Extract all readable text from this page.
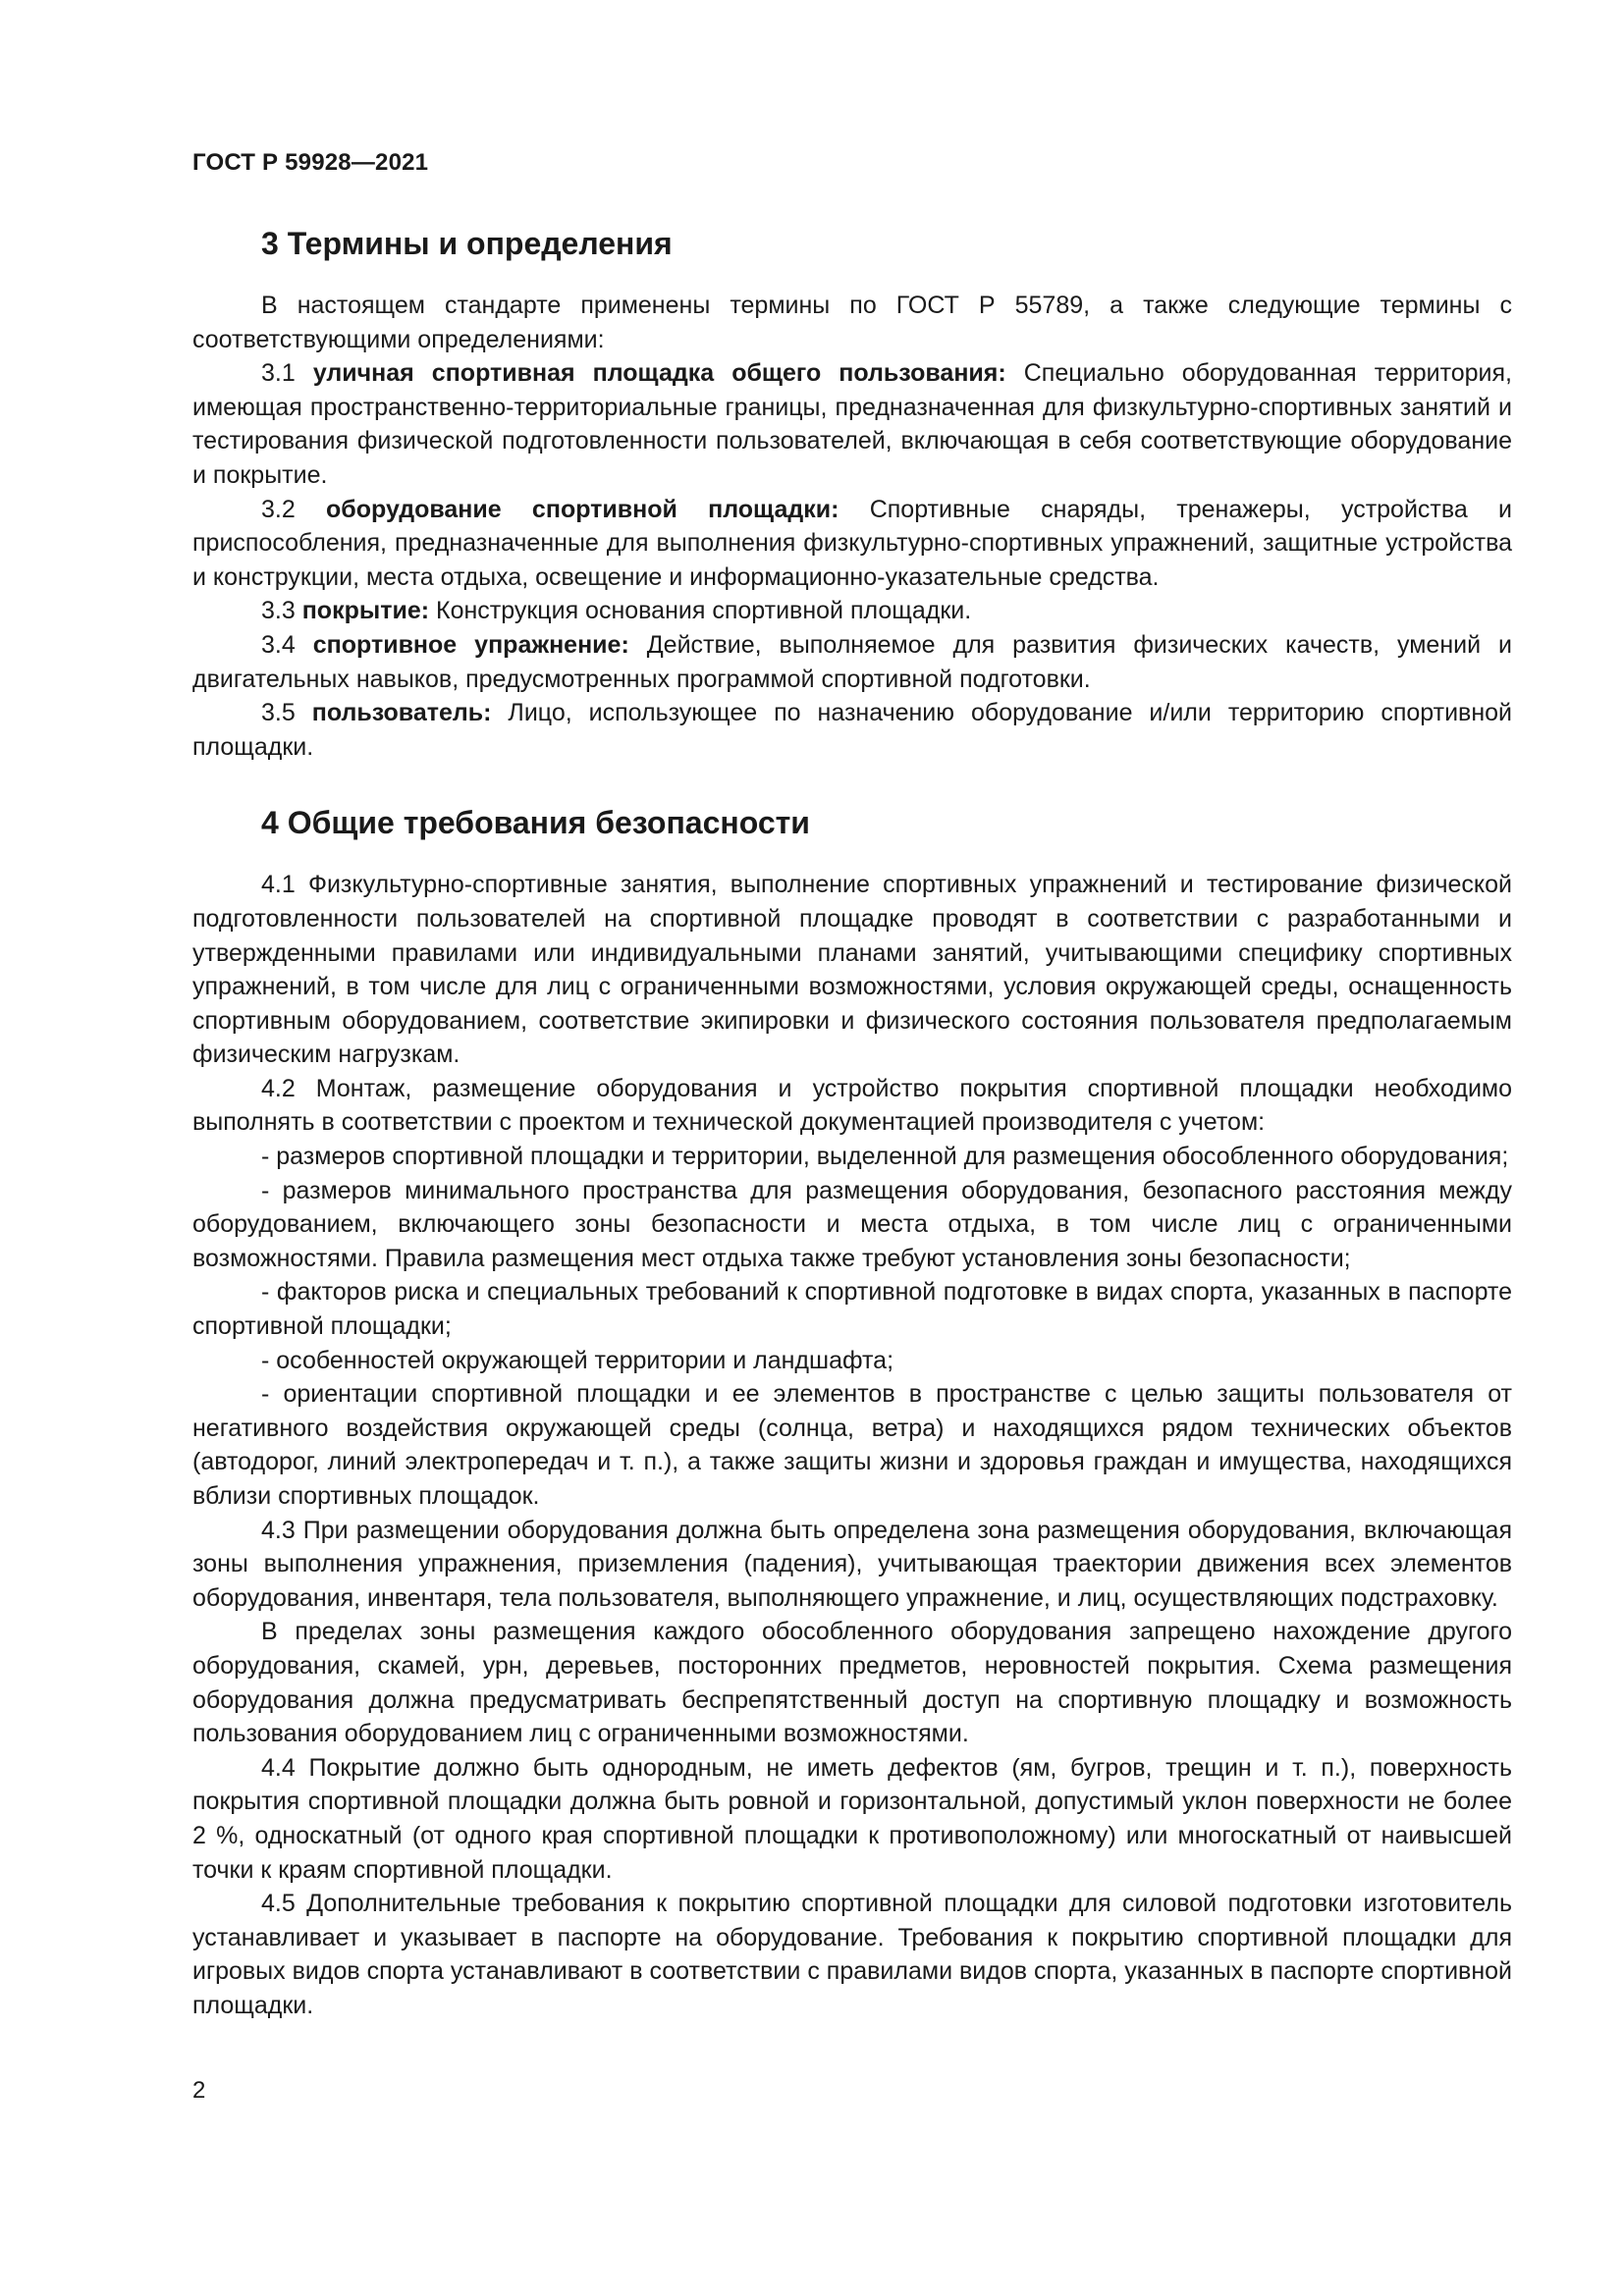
ГОСТ Р 59928—2021
3 Термины и определения

В настоящем стандарте применены термины по ГОСТ Р 55789, а также следующие термины с соответствующими определениями:

3.1 уличная спортивная площадка общего пользования: Специально оборудованная территория, имеющая пространственно-территориальные границы, предназначенная для физкультурно-спортивных занятий и тестирования физической подготовленности пользователей, включающая в себя соответствующие оборудование и покрытие.

3.2 оборудование спортивной площадки: Спортивные снаряды, тренажеры, устройства и приспособления, предназначенные для выполнения физкультурно-спортивных упражнений, защитные устройства и конструкции, места отдыха, освещение и информационно-указательные средства.

3.3 покрытие: Конструкция основания спортивной площадки.

3.4 спортивное упражнение: Действие, выполняемое для развития физических качеств, умений и двигательных навыков, предусмотренных программой спортивной подготовки.

3.5 пользователь: Лицо, использующее по назначению оборудование и/или территорию спортивной площадки.

4 Общие требования безопасности

4.1 Физкультурно-спортивные занятия, выполнение спортивных упражнений и тестирование физической подготовленности пользователей на спортивной площадке проводят в соответствии с разработанными и утвержденными правилами или индивидуальными планами занятий, учитывающими специфику спортивных упражнений, в том числе для лиц с ограниченными возможностями, условия окружающей среды, оснащенность спортивным оборудованием, соответствие экипировки и физического состояния пользователя предполагаемым физическим нагрузкам.

4.2 Монтаж, размещение оборудования и устройство покрытия спортивной площадки необходимо выполнять в соответствии с проектом и технической документацией производителя с учетом:

- размеров спортивной площадки и территории, выделенной для размещения обособленного оборудования;

- размеров минимального пространства для размещения оборудования, безопасного расстояния между оборудованием, включающего зоны безопасности и места отдыха, в том числе лиц с ограниченными возможностями. Правила размещения мест отдыха также требуют установления зоны безопасности;

- факторов риска и специальных требований к спортивной подготовке в видах спорта, указанных в паспорте спортивной площадки;

- особенностей окружающей территории и ландшафта;

- ориентации спортивной площадки и ее элементов в пространстве с целью защиты пользователя от негативного воздействия окружающей среды (солнца, ветра) и находящихся рядом технических объектов (автодорог, линий электропередач и т. п.), а также защиты жизни и здоровья граждан и имущества, находящихся вблизи спортивных площадок.

4.3 При размещении оборудования должна быть определена зона размещения оборудования, включающая зоны выполнения упражнения, приземления (падения), учитывающая траектории движения всех элементов оборудования, инвентаря, тела пользователя, выполняющего упражнение, и лиц, осуществляющих подстраховку.

В пределах зоны размещения каждого обособленного оборудования запрещено нахождение другого оборудования, скамей, урн, деревьев, посторонних предметов, неровностей покрытия. Схема размещения оборудования должна предусматривать беспрепятственный доступ на спортивную площадку и возможность пользования оборудованием лиц с ограниченными возможностями.

4.4 Покрытие должно быть однородным, не иметь дефектов (ям, бугров, трещин и т. п.), поверхность покрытия спортивной площадки должна быть ровной и горизонтальной, допустимый уклон поверхности не более 2 %, односкатный (от одного края спортивной площадки к противоположному) или многоскатный от наивысшей точки к краям спортивной площадки.

4.5 Дополнительные требования к покрытию спортивной площадки для силовой подготовки изготовитель устанавливает и указывает в паспорте на оборудование. Требования к покрытию спортивной площадки для игровых видов спорта устанавливают в соответствии с правилами видов спорта, указанных в паспорте спортивной площадки.

2
